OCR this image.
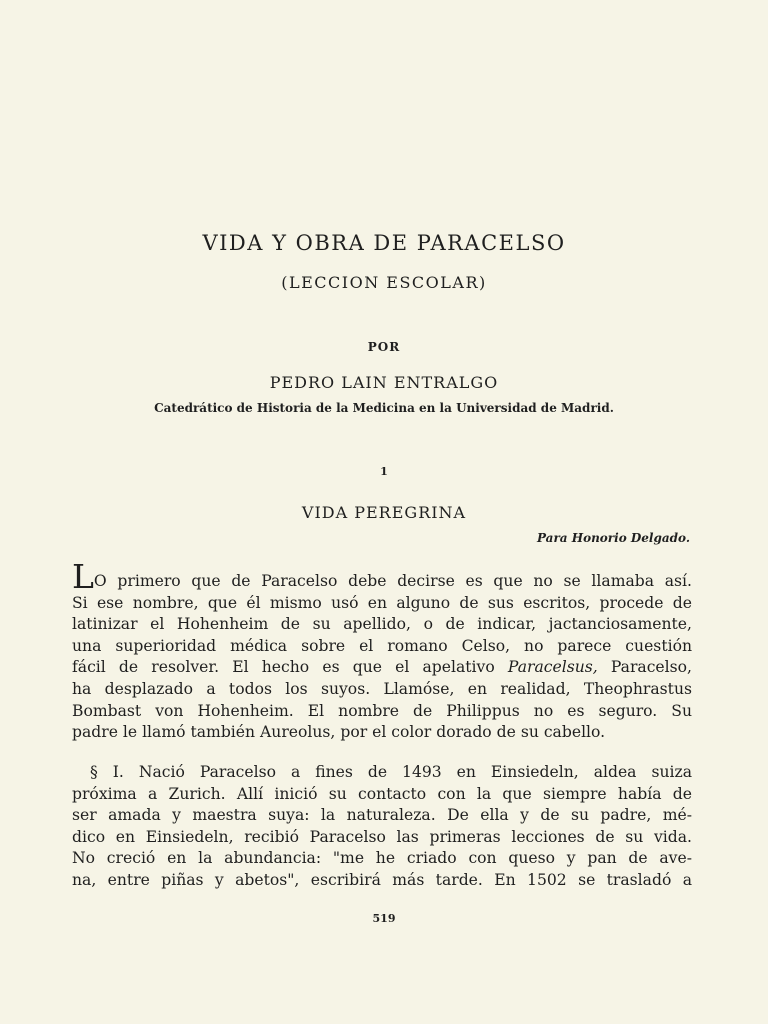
VIDA Y OBRA DE PARACELSO
(LECCION ESCOLAR)
POR
PEDRO LAIN ENTRALGO
Catedrático de Historia de la Medicina en la Universidad de Madrid.
1
VIDA PEREGRINA
Para Honorio Delgado.
LO primero que de Paracelso debe decirse es que no se llamaba así.
Si ese nombre, que él mismo usó en alguno de sus escritos, procede de
latinizar el Hohenheim de su apellido, o de indicar, jactanciosamente,
una superioridad médica sobre el romano Celso, no parece cuestión
fácil de resolver. El hecho es que el apelativo Paracelsus, Paracelso,
ha desplazado a todos los suyos. Llamóse, en realidad, Theophrastus
Bombast von Hohenheim. El nombre de Philippus no es seguro. Su
padre le llamó también Aureolus, por el color dorado de su cabello.
§ I. Nació Paracelso a fines de 1493 en Einsiedeln, aldea suiza
próxima a Zurich. Allí inició su contacto con la que siempre había de
ser amada y maestra suya: la naturaleza. De ella y de su padre, mé-
dico en Einsiedeln, recibió Paracelso las primeras lecciones de su vida.
No creció en la abundancia: "me he criado con queso y pan de ave-
na, entre piñas y abetos", escribirá más tarde. En 1502 se trasladó a
519
